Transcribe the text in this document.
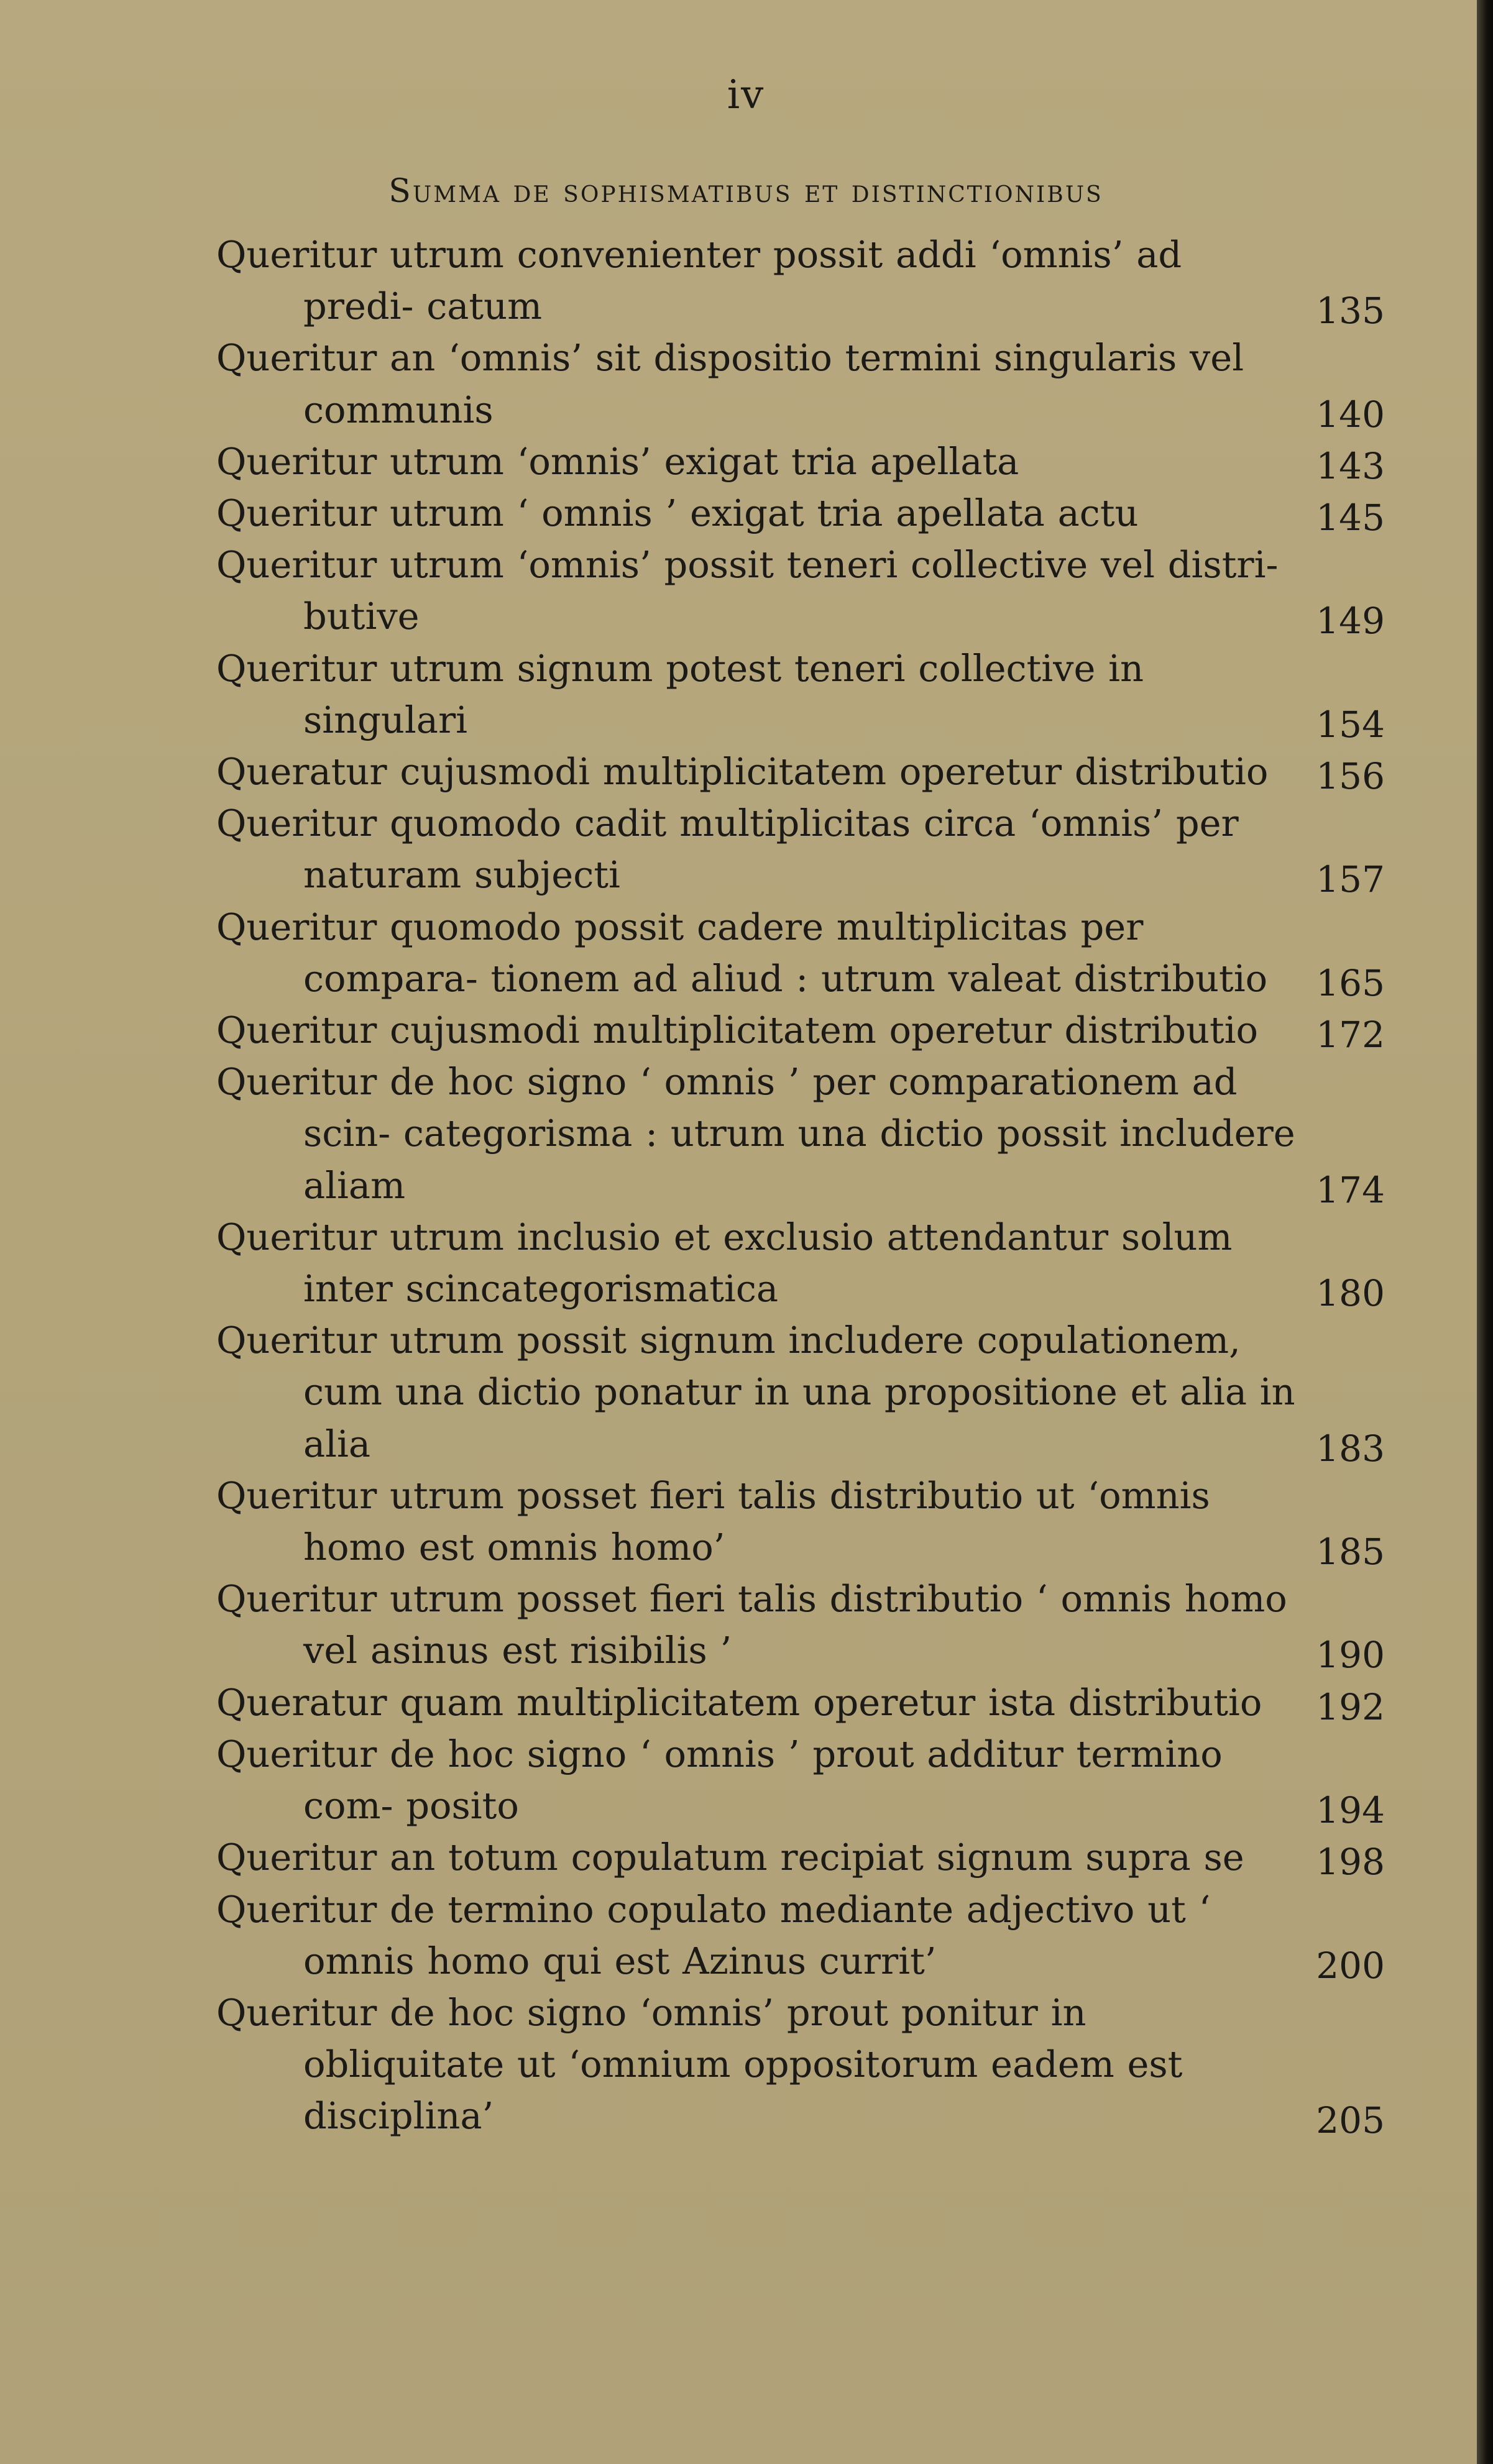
iv
Summa de sophismatibus et distinctionibus
Queritur utrum convenienter possit addi ‘omnis’ ad predi- catum	135
Queritur an ‘omnis’ sit dispositio termini singularis vel communis	140
Queritur utrum ‘omnis’ exigat tria apellata	143
Queritur utrum ‘ omnis ’ exigat tria apellata actu	145
Queritur utrum ‘omnis’ possit teneri collective vel distri- butive	149
Queritur utrum signum potest teneri collective in singulari	154
Queratur cujusmodi multiplicitatem operetur distributio	156
Queritur quomodo cadit multiplicitas circa ‘omnis’ per naturam subjecti	157
Queritur quomodo possit cadere multiplicitas per compara- tionem ad aliud : utrum valeat distributio	165
Queritur cujusmodi multiplicitatem operetur distributio	172
Queritur de hoc signo ‘ omnis ’ per comparationem ad scin- categorisma : utrum una dictio possit includere aliam	174
Queritur utrum inclusio et exclusio attendantur solum inter scincategorismatica	180
Queritur utrum possit signum includere copulationem, cum una dictio ponatur in una propositione et alia in alia	183
Queritur utrum posset fieri talis distributio ut ‘omnis homo est omnis homo’	185
Queritur utrum posset fieri talis distributio ‘ omnis homo vel asinus est risibilis ’	190
Queratur quam multiplicitatem operetur ista distributio	192
Queritur de hoc signo ‘ omnis ’ prout additur termino com- posito	194
Queritur an totum copulatum recipiat signum supra se	198
Queritur de termino copulato mediante adjectivo ut ‘ omnis homo qui est Azinus currit’	200
Queritur de hoc signo ‘omnis’ prout ponitur in obliquitate ut ‘omnium oppositorum eadem est disciplina’	205
